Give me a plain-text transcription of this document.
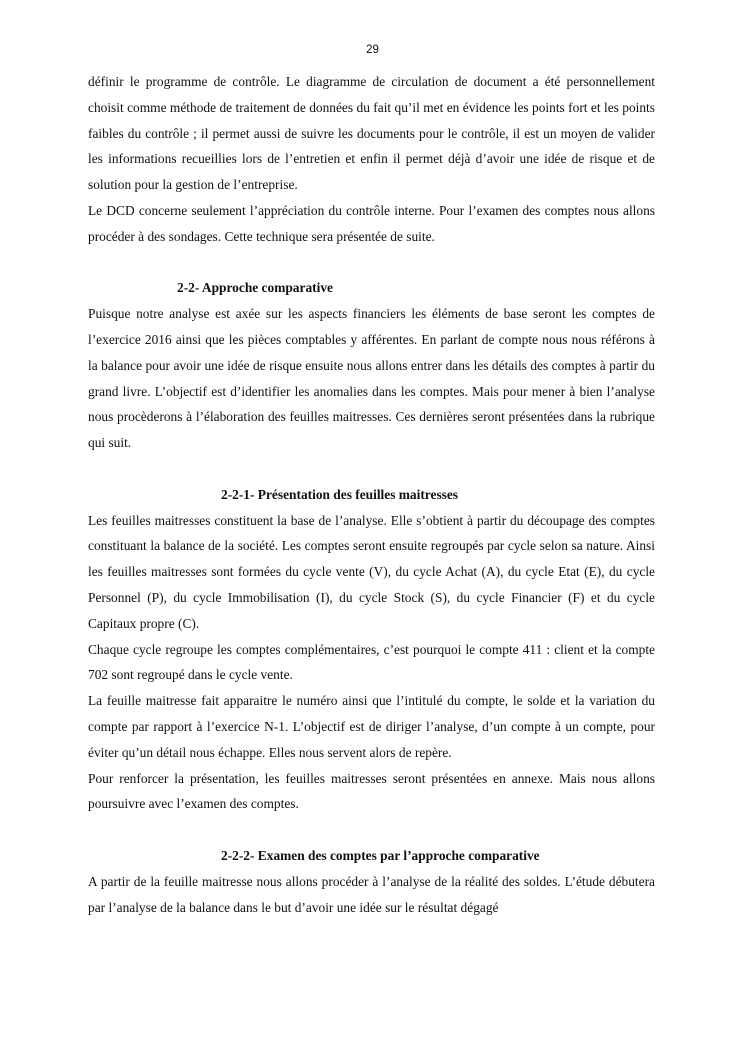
29

définir le programme de contrôle. Le diagramme de circulation de document a été personnellement choisit comme méthode de traitement de données du fait qu’il met en évidence les points fort et les points faibles du contrôle ; il permet aussi de suivre les documents pour le contrôle, il est un moyen de valider les informations recueillies lors de l’entretien et enfin il permet déjà d’avoir une idée de risque et de solution pour la gestion de l’entreprise.

Le DCD concerne seulement l’appréciation du contrôle interne. Pour l’examen des comptes nous allons procéder à des sondages. Cette technique sera présentée de suite.

2-2- Approche comparative

Puisque notre analyse est axée sur les aspects financiers les éléments de base seront les comptes de l’exercice 2016 ainsi que les pièces comptables y afférentes. En parlant de compte nous nous référons à la balance pour avoir une idée de risque ensuite nous allons entrer dans les détails des comptes à partir du grand livre. L’objectif est d’identifier les anomalies dans les comptes. Mais pour mener à bien l’analyse nous procèderons à l’élaboration des feuilles maitresses. Ces dernières seront présentées dans la rubrique qui suit.

2-2-1- Présentation des feuilles maitresses

Les feuilles maitresses constituent la base de l’analyse. Elle s’obtient à partir du découpage des comptes constituant la balance de la société. Les comptes seront ensuite regroupés par cycle selon sa nature. Ainsi les feuilles maitresses sont formées du cycle vente (V), du cycle Achat (A), du cycle Etat (E), du cycle Personnel (P), du cycle Immobilisation (I), du cycle Stock (S), du cycle Financier (F) et du cycle Capitaux propre (C).

Chaque cycle regroupe les comptes complémentaires, c’est pourquoi le compte 411 : client et la compte 702 sont regroupé dans le cycle vente.

La feuille maitresse fait apparaitre le numéro ainsi que l’intitulé du compte, le solde et la variation du compte par rapport à l’exercice N-1. L’objectif est de diriger l’analyse, d’un compte à un compte, pour éviter qu’un détail nous échappe. Elles nous servent alors de repère.

Pour renforcer la présentation, les feuilles maitresses seront présentées en annexe. Mais nous allons poursuivre avec l’examen des comptes.

2-2-2- Examen des comptes par l’approche comparative

A partir de la feuille maitresse nous allons procéder à l’analyse de la réalité des soldes. L’étude débutera par l’analyse de la balance dans le but d’avoir une idée sur le résultat dégagé
